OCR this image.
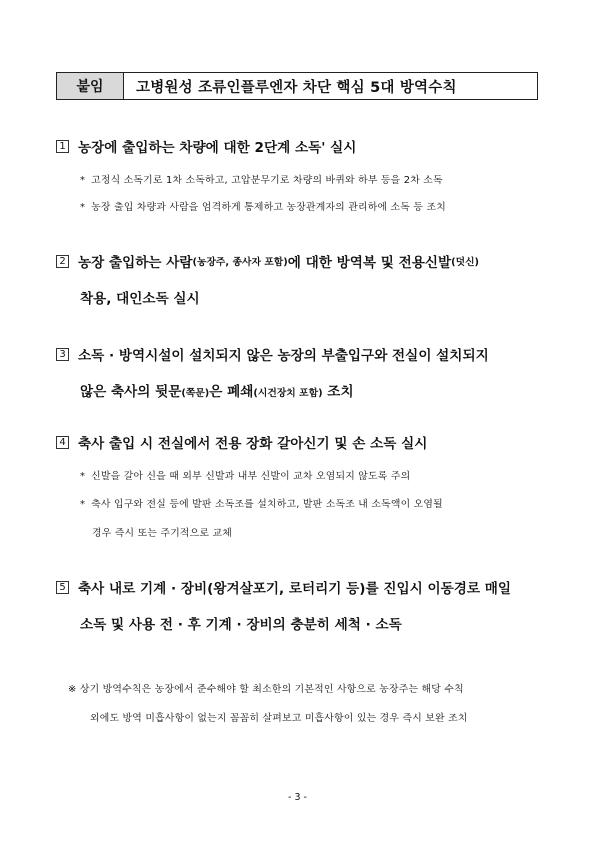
붙임	고병원성 조류인플루엔자 차단 핵심 5대 방역수칙
1 농장에 출입하는 차량에 대한 2단계 소독' 실시
* 고정식 소독기로 1차 소독하고, 고압분무기로 차량의 바퀴와 하부 등을 2차 소독
* 농장 출입 차량과 사람을 엄격하게 통제하고 농장관계자의 관리하에 소독 등 조치
2 농장 출입하는 사람 (농장주, 종사자 포함) 에 대한 방역복 및 전용신발 (덧신)
착용, 대인소독 실시
3 소독 · 방역시설이 설치되지 않은 농장의 부출입구와 전실이 설치되지
않은 축사의 뒷문(쪽문)은 폐쇄(시건장치 포함) 조치
4 축사 출입 시 전실에서 전용 장화 갈아신기 및 손 소독 실시
* 신발을 갈아 신을 때 외부 신발과 내부 신발이 교차 오염되지 않도록 주의
* 축사 입구와 전실 등에 발판 소독조를 설치하고, 발판 소독조 내 소독액이 오염될
경우 즉시 또는 주기적으로 교체
5 축사 내로 기계 · 장비(왕겨살포기, 로터리기 등)를 진입시 이동경로 매일
소독 및 사용 전 · 후 기계 · 장비의 충분히 세척 · 소독
※ 상기 방역수칙은 농장에서 준수해야 할 최소한의 기본적인 사항으로 농장주는 해당 수칙
외에도 방역 미흡사항이 없는지 꼼꼼히 살펴보고 미흡사항이 있는 경우 즉시 보완 조치
- 3 -
